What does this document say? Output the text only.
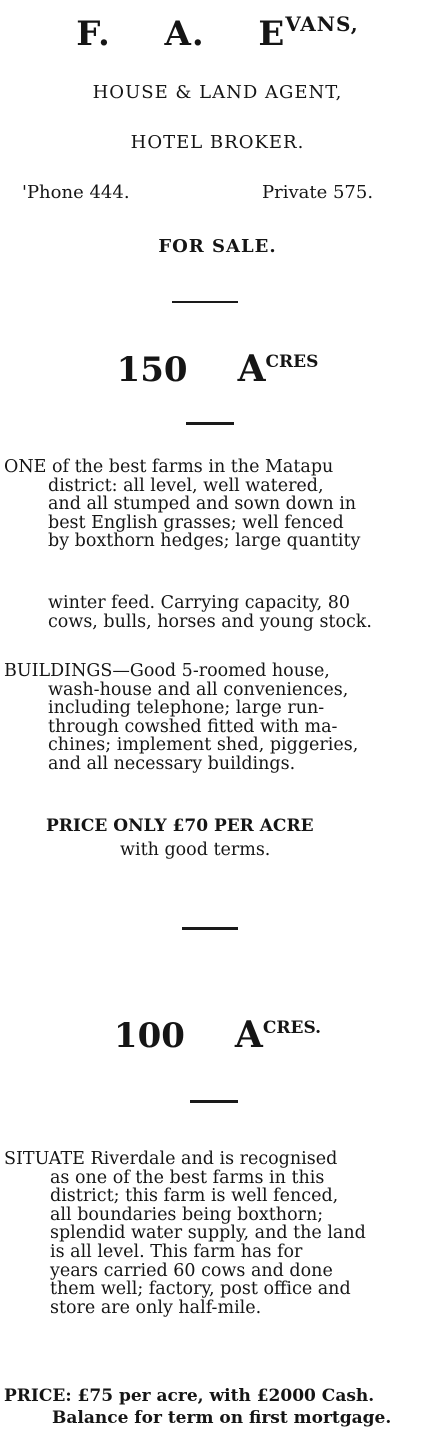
F. A. $E^{VANS,}$
HOUSE & LAND AGENT,
HOTEL BROKER.
'Phone 444.	Private 575.
FOR SALE.
150 $A^{CRES}$
ONE of the best farms in the Matapu
district: all level, well watered,
and all stumped and sown down in
best English grasses; well fenced
by boxthorn hedges; large quantity
winter feed. Carrying capacity, 80
cows, bulls, horses and young stock.
BUILDINGS—Good 5-roomed house,
wash-house and all conveniences,
including telephone; large run-
through cowshed fitted with ma-
chines; implement shed, piggeries,
and all necessary buildings.
PRICE ONLY £70 PER ACRE
with good terms.
100 $A^{CRES.}$
SITUATE Riverdale and is recognised
as one of the best farms in this
district; this farm is well fenced,
all boundaries being boxthorn;
splendid water supply, and the land
is all level. This farm has for
years carried 60 cows and done
them well; factory, post office and
store are only half-mile.
PRICE: £75 per acre, with £2000 Cash.
Balance for term on first mortgage.
